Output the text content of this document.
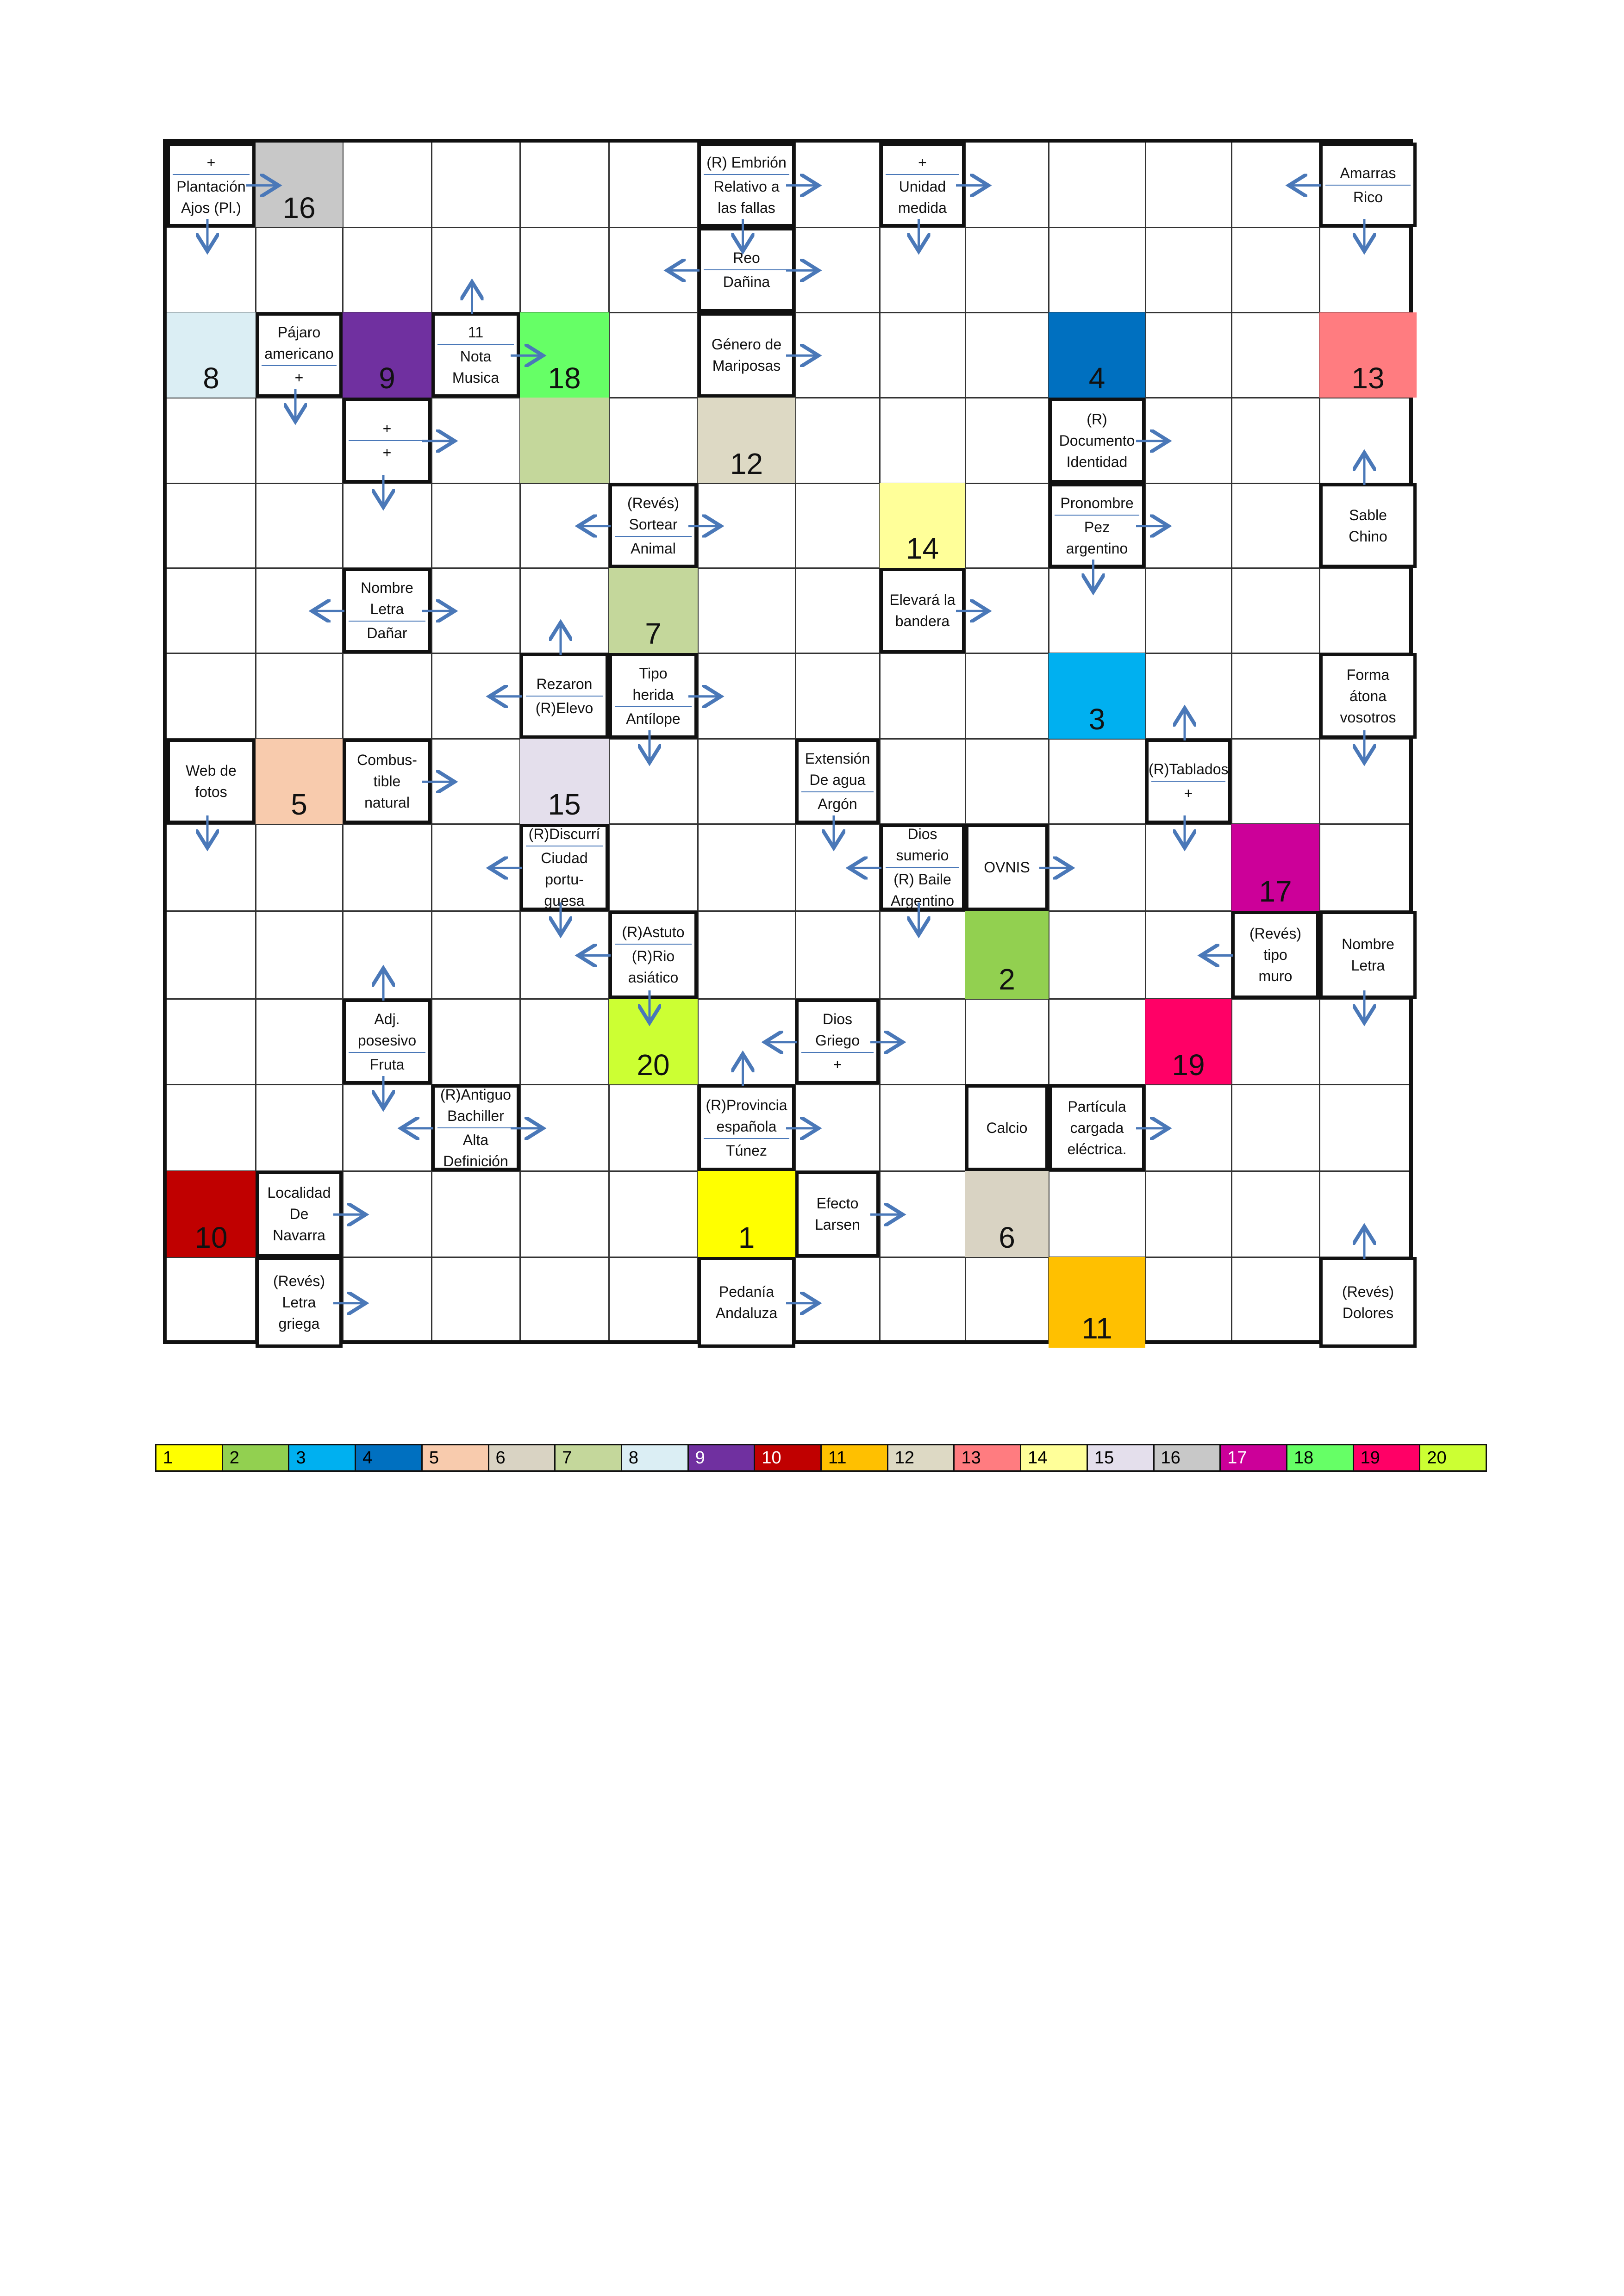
16
8	9	18	4	13
12
14
7
3
5	15
17
2
20	19
10	1	6
11
+
Plantación
Ajos (Pl.)
(R) Embrión
Relativo a
las fallas
+
Unidad
medida
Amarras
Rico
Reo
Dañina
Pájaro
americano
+
11
Nota
Musica
Género de
Mariposas
+
+
(R)
Documento
Identidad
(Revés)
Sortear
Animal
Pronombre
Pez
argentino
Sable
Chino
Nombre
Letra
Dañar
Elevará la
bandera
Rezaron
(R)Elevo
Tipo
herida
Antílope
Forma
átona
vosotros
Web de
fotos
Combus-
tible
natural
Extensión
De agua
Argón
(R)Tablados
+
(R)Discurrí
Ciudad
portu-
guesa
Dios
sumerio
(R) Baile
Argentino
OVNIS
(R)Astuto
(R)Rio
asiático
(Revés)
tipo
muro
Nombre
Letra
Adj.
posesivo
Fruta
Dios
Griego
+
(R)Antiguo
Bachiller
Alta
Definición
(R)Provincia
española
Túnez
Calcio
Partícula
cargada
eléctrica.
Localidad
De
Navarra
Efecto
Larsen
(Revés)
Letra
griega
Pedanía
Andaluza
(Revés)
Dolores
1	2	3	4	5	6	7	8	9	10	11	12	13	14	15	16	17	18	19	20
